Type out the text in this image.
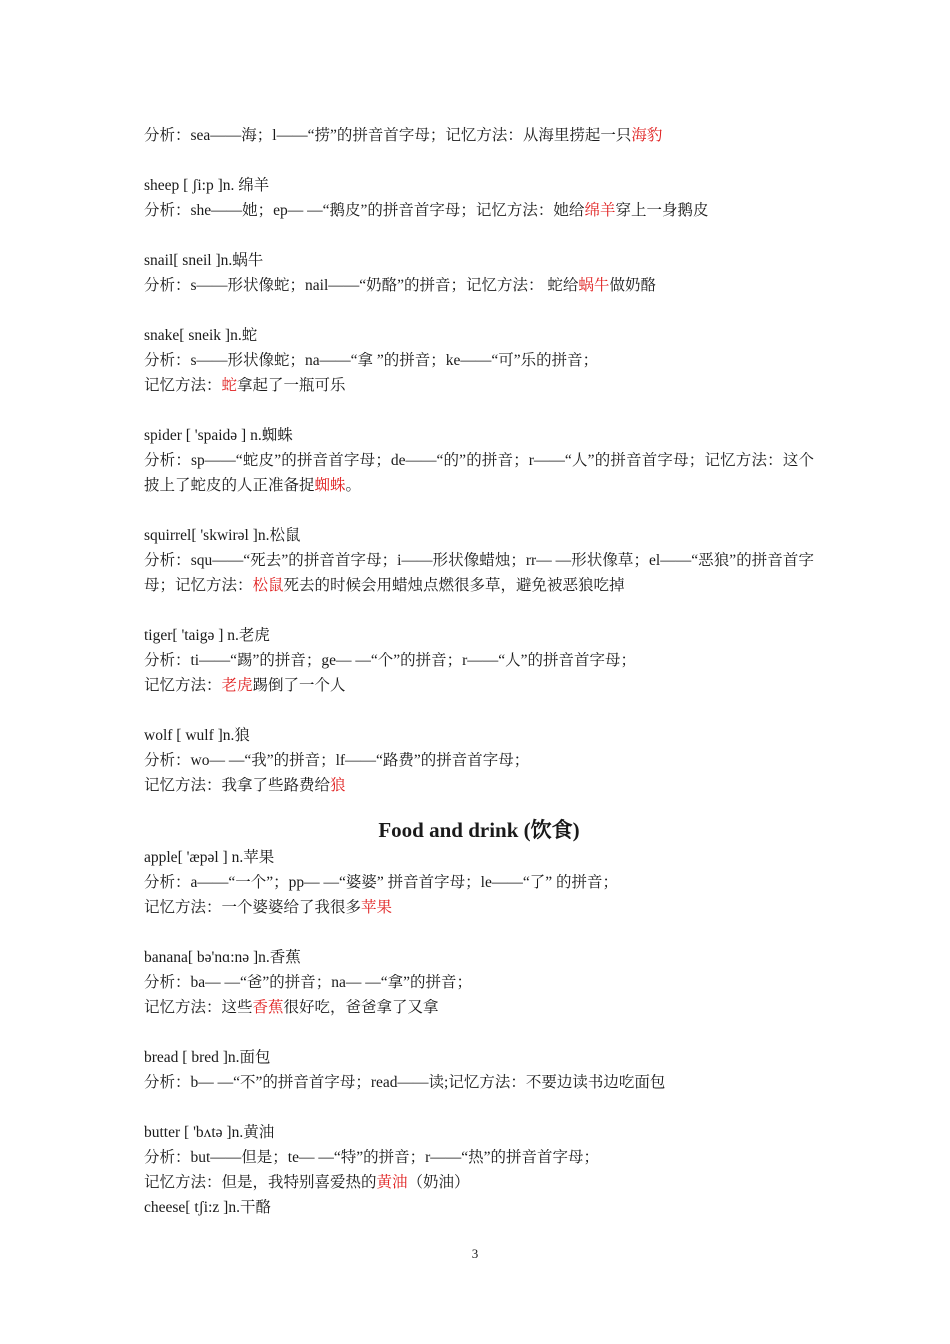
分析：sea——海；l——“捞”的拼音首字母；记忆方法：从海里捞起一只海豹
sheep [ ʃi:p ]n. 绵羊
分析：she——她；ep— —“鹅皮”的拼音首字母；记忆方法：她给绵羊穿上一身鹅皮
snail[ sneil ]n.蜗牛
分析：s——形状像蛇；nail——“奶酪”的拼音；记忆方法： 蛇给蜗牛做奶酪
snake[ sneik ]n.蛇
分析：s——形状像蛇；na——“拿 ”的拼音；ke——“可”乐的拼音；
记忆方法：蛇拿起了一瓶可乐
spider [ 'spaidə ] n.蜘蛛
分析：sp——“蛇皮”的拼音首字母；de——“的”的拼音；r——“人”的拼音首字母；记忆方法：这个披上了蛇皮的人正准备捉蜘蛛。
squirrel[ 'skwirəl ]n.松鼠
分析：squ——“死去”的拼音首字母；i——形状像蜡烛；rr— —形状像草；el——“恶狼”的拼音首字母；记忆方法：松鼠死去的时候会用蜡烛点燃很多草，避免被恶狼吃掉
tiger[ 'taigə ] n.老虎
分析：ti——“踢”的拼音；ge— —“个”的拼音；r——“人”的拼音首字母；
记忆方法：老虎踢倒了一个人
wolf [ wulf ]n.狼
分析：wo— —“我”的拼音；lf——“路费”的拼音首字母；
记忆方法：我拿了些路费给狼
Food and drink (饮食)
apple[ 'æpəl ] n.苹果
分析：a——“一个”；pp— —“婆婆” 拼音首字母；le——“了” 的拼音；
记忆方法：一个婆婆给了我很多苹果
banana[ bə'nɑ:nə ]n.香蕉
分析：ba— —“爸”的拼音；na— —“拿”的拼音；
记忆方法：这些香蕉很好吃，爸爸拿了又拿
bread [ bred ]n.面包
分析：b— —“不”的拼音首字母；read——读;记忆方法：不要边读书边吃面包
butter [ 'bʌtə ]n.黄油
分析：but——但是；te— —“特”的拼音；r——“热”的拼音首字母；
记忆方法：但是，我特别喜爱热的黄油（奶油）
cheese[ tʃi:z ]n.干酪
3
